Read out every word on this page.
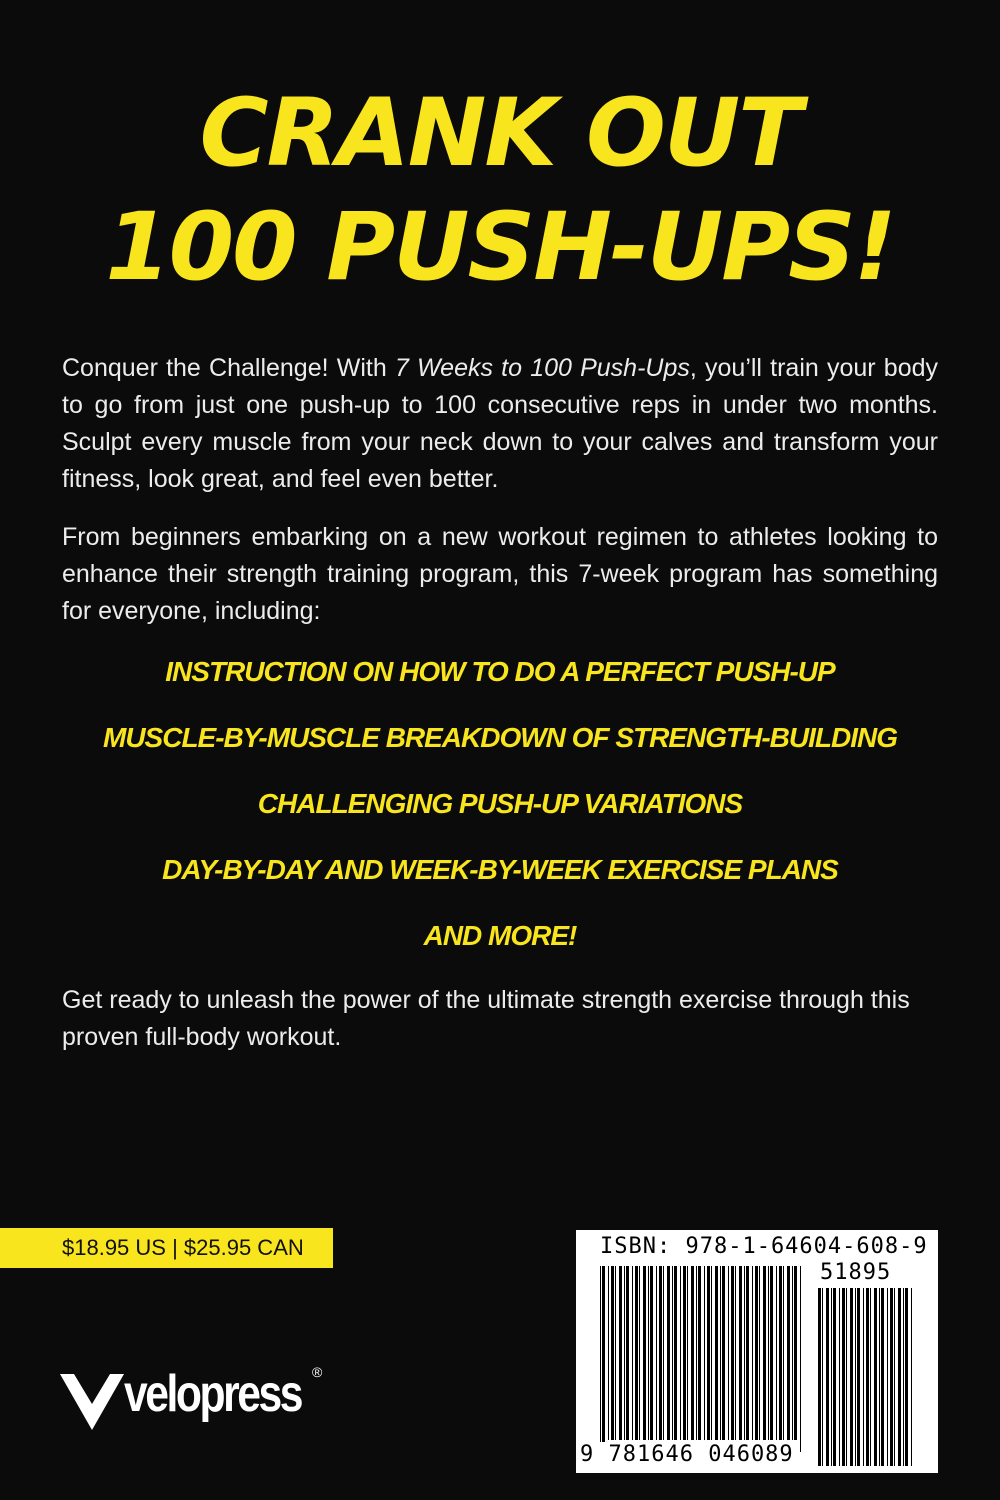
CRANK OUT
100 PUSH-UPS!

Conquer the Challenge! With 7 Weeks to 100 Push-Ups, you’ll train your body to go from just one push-up to 100 consecutive reps in under two months. Sculpt every muscle from your neck down to your calves and transform your fitness, look great, and feel even better.

From beginners embarking on a new workout regimen to athletes looking to enhance their strength training program, this 7-week program has something for everyone, including:

INSTRUCTION ON HOW TO DO A PERFECT PUSH-UP
MUSCLE-BY-MUSCLE BREAKDOWN OF STRENGTH-BUILDING
CHALLENGING PUSH-UP VARIATIONS
DAY-BY-DAY AND WEEK-BY-WEEK EXERCISE PLANS
AND MORE!

Get ready to unleash the power of the ultimate strength exercise through this proven full-body workout.

$18.95 US | $25.95 CAN
velopress ®
ISBN: 978-1-64604-608-9
51895
9 781646 046089
